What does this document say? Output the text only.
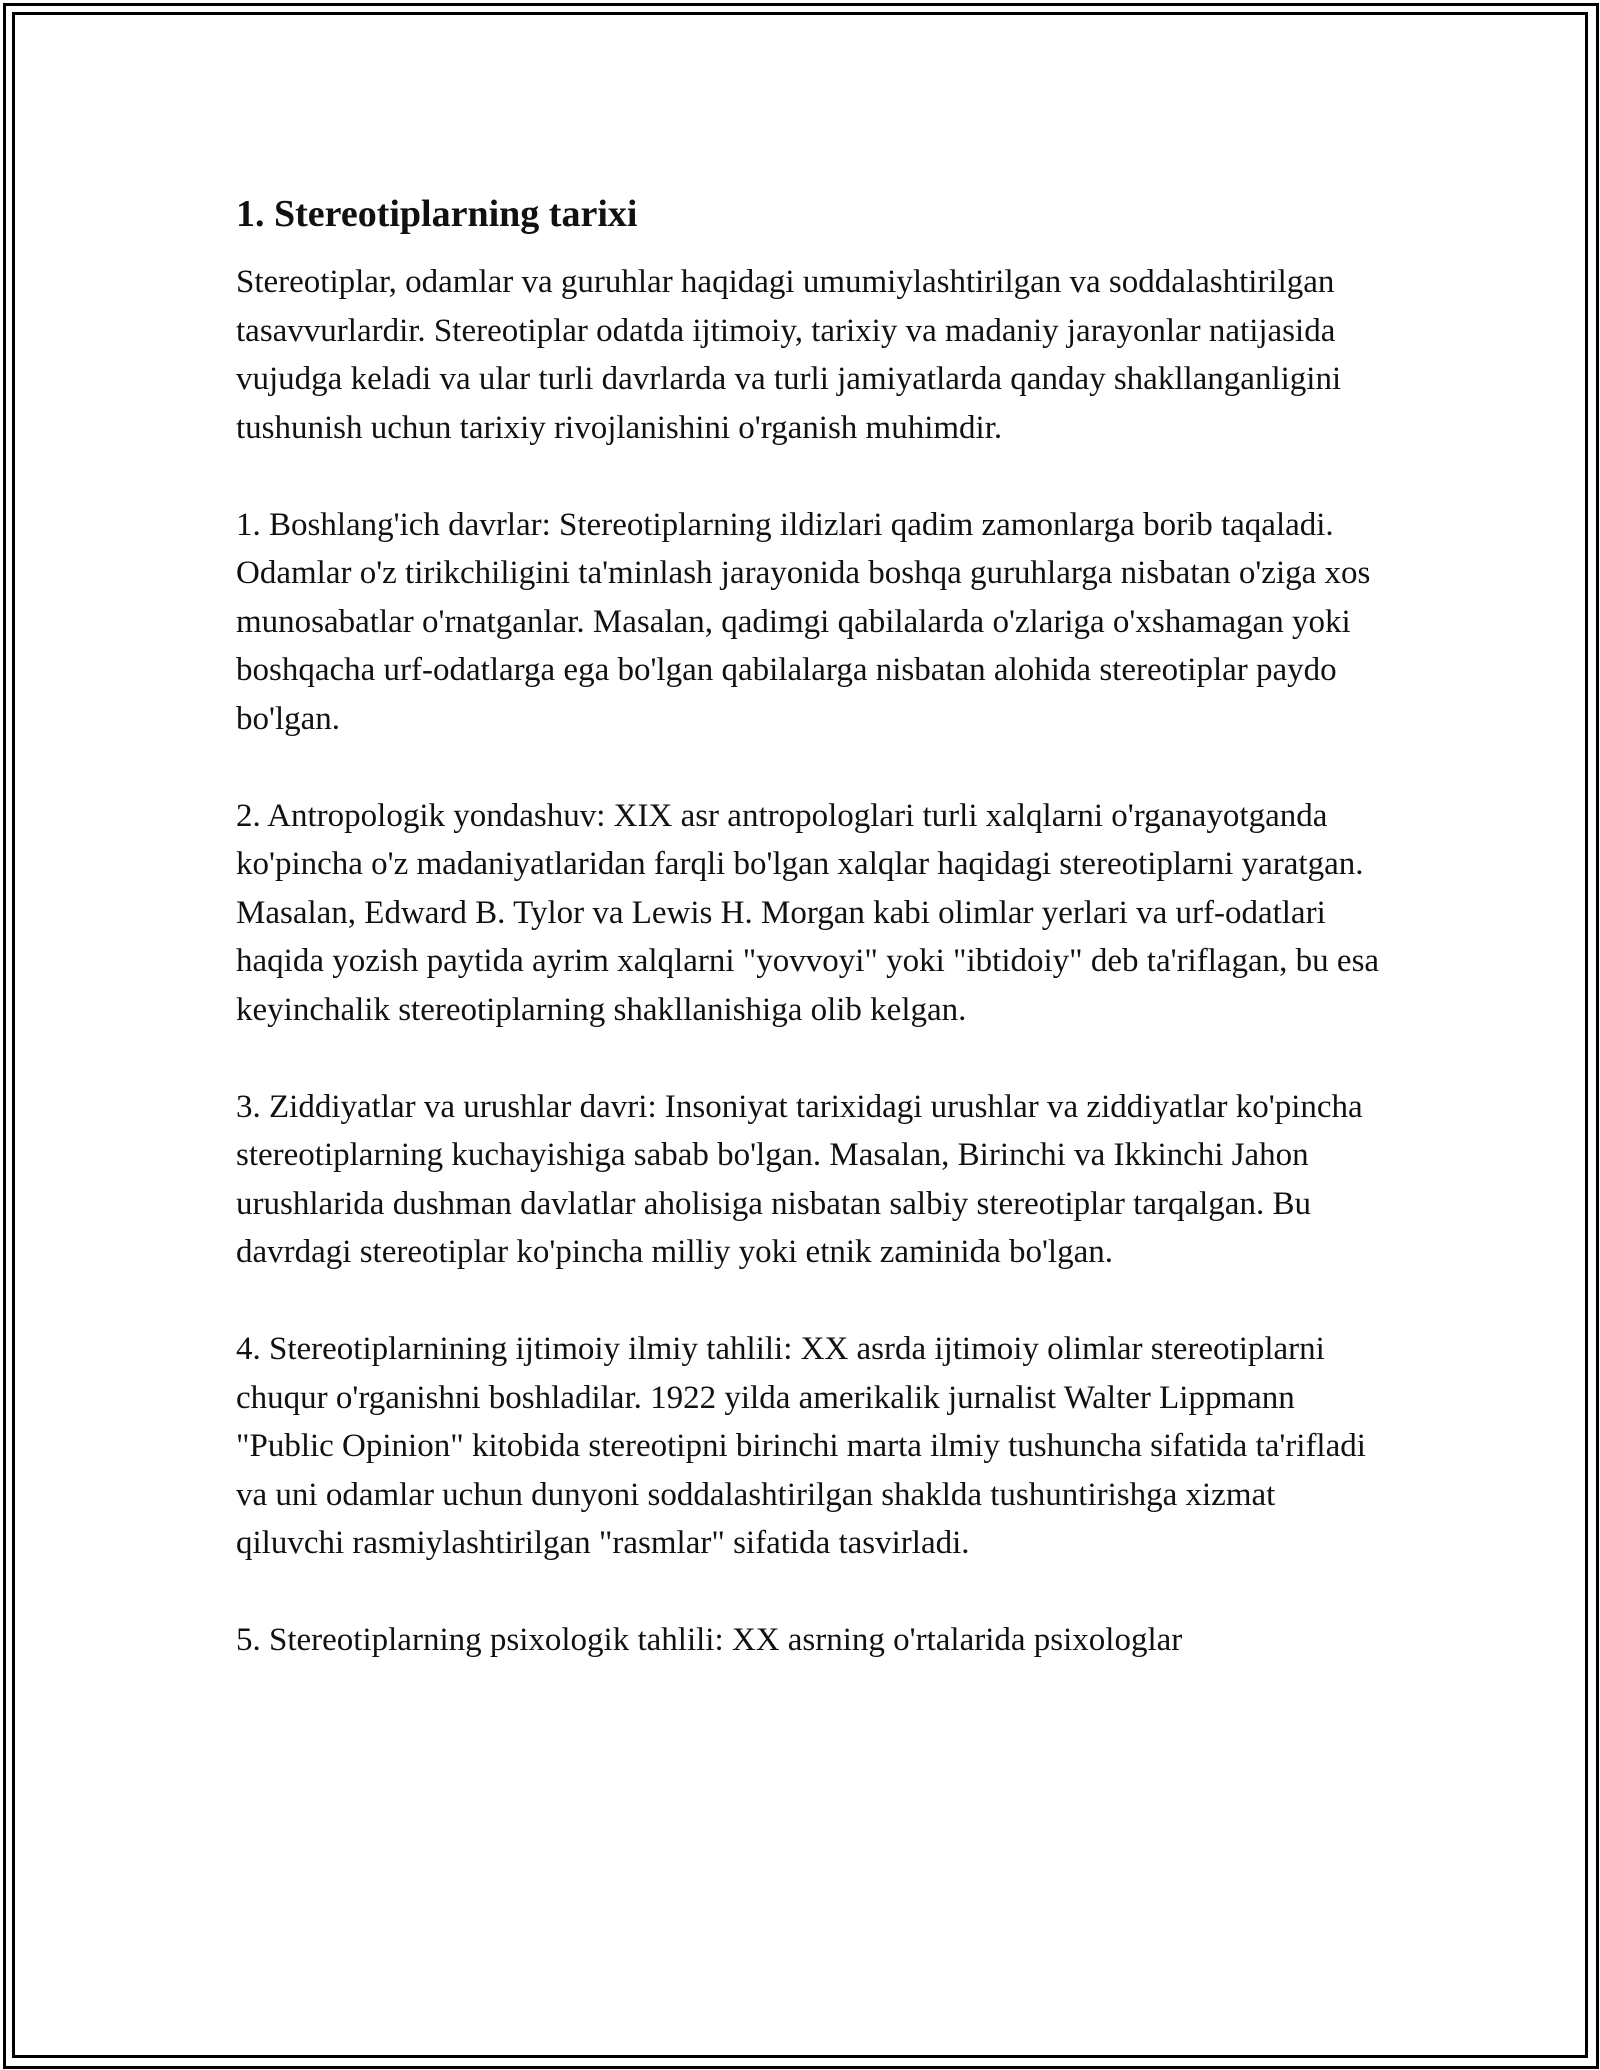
1. Stereotiplarning tarixi

Stereotiplar, odamlar va guruhlar haqidagi umumiylashtirilgan va soddalashtirilgan tasavvurlardir. Stereotiplar odatda ijtimoiy, tarixiy va madaniy jarayonlar natijasida vujudga keladi va ular turli davrlarda va turli jamiyatlarda qanday shakllanganligini tushunish uchun tarixiy rivojlanishini o'rganish muhimdir.

1. Boshlang'ich davrlar: Stereotiplarning ildizlari qadim zamonlarga borib taqaladi. Odamlar o'z tirikchiligini ta'minlash jarayonida boshqa guruhlarga nisbatan o'ziga xos munosabatlar o'rnatganlar. Masalan, qadimgi qabilalarda o'zlariga o'xshamagan yoki boshqacha urf-odatlarga ega bo'lgan qabilalarga nisbatan alohida stereotiplar paydo bo'lgan.

2. Antropologik yondashuv: XIX asr antropologlari turli xalqlarni o'rganayotganda ko'pincha o'z madaniyatlaridan farqli bo'lgan xalqlar haqidagi stereotiplarni yaratgan. Masalan, Edward B. Tylor va Lewis H. Morgan kabi olimlar yerlari va urf-odatlari haqida yozish paytida ayrim xalqlarni "yovvoyi" yoki "ibtidoiy" deb ta'riflagan, bu esa keyinchalik stereotiplarning shakllanishiga olib kelgan.

3. Ziddiyatlar va urushlar davri: Insoniyat tarixidagi urushlar va ziddiyatlar ko'pincha stereotiplarning kuchayishiga sabab bo'lgan. Masalan, Birinchi va Ikkinchi Jahon urushlarida dushman davlatlar aholisiga nisbatan salbiy stereotiplar tarqalgan. Bu davrdagi stereotiplar ko'pincha milliy yoki etnik zaminida bo'lgan.

4. Stereotiplarnining ijtimoiy ilmiy tahlili: XX asrda ijtimoiy olimlar stereotiplarni chuqur o'rganishni boshladilar. 1922 yilda amerikalik jurnalist Walter Lippmann "Public Opinion" kitobida stereotipni birinchi marta ilmiy tushuncha sifatida ta'rifladi va uni odamlar uchun dunyoni soddalashtirilgan shaklda tushuntirishga xizmat qiluvchi rasmiylashtirilgan "rasmlar" sifatida tasvirladi.

5. Stereotiplarning psixologik tahlili: XX asrning o'rtalarida psixologlar
